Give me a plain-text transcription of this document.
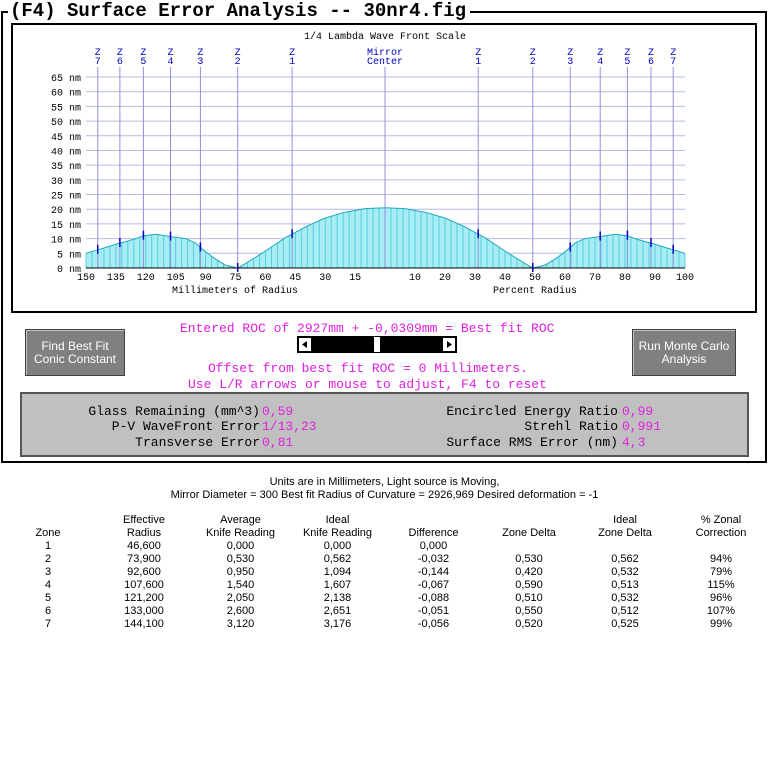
(F4) Surface Error Analysis -- 30nr4.fig
1/4 Lambda Wave Front Scale
65 nm
60 nm
55 nm
50 nm
45 nm
40 nm
35 nm
30 nm
25 nm
20 nm
15 nm
10 nm
5 nm
0 nm
Z
7
Z
6
Z
5
Z
4
Z
3
Z
2
Z
1
Z
1
Z
2
Z
3
Z
4
Z
5
Z
6
Z
7
Mirror
Center
150 135 120 105 90 75 60 45 30 15	10 20 30 40 50 60 70 80 90 100
Millimeters of Radius	Percent Radius
Find Best Fit Conic Constant
Run Monte Carlo Analysis
Entered ROC of 2927mm + -0,0309mm = Best fit ROC
Offset from best fit ROC = 0 Millimeters.
Use L/R arrows or mouse to adjust, F4 to reset
Glass Remaining (mm^3) 0,59
P-V WaveFront Error 1/13,23
Transverse Error 0,81
Encircled Energy Ratio 0,99
Strehl Ratio 0,991
Surface RMS Error (nm) 4,3
Units are in Millimeters, Light source is Moving,
Mirror Diameter = 300 Best fit Radius of Curvature = 2926,969 Desired deformation = -1
	Effective	Average	Ideal			Ideal	% Zonal
Zone	Radius	Knife Reading	Knife Reading	Difference	Zone Delta	Zone Delta	Correction
1	46,600	0,000	0,000	0,000			
2	73,900	0,530	0,562	-0,032	0,530	0,562	94%
3	92,600	0,950	1,094	-0,144	0,420	0,532	79%
4	107,600	1,540	1,607	-0,067	0,590	0,513	115%
5	121,200	2,050	2,138	-0,088	0,510	0,532	96%
6	133,000	2,600	2,651	-0,051	0,550	0,512	107%
7	144,100	3,120	3,176	-0,056	0,520	0,525	99%
